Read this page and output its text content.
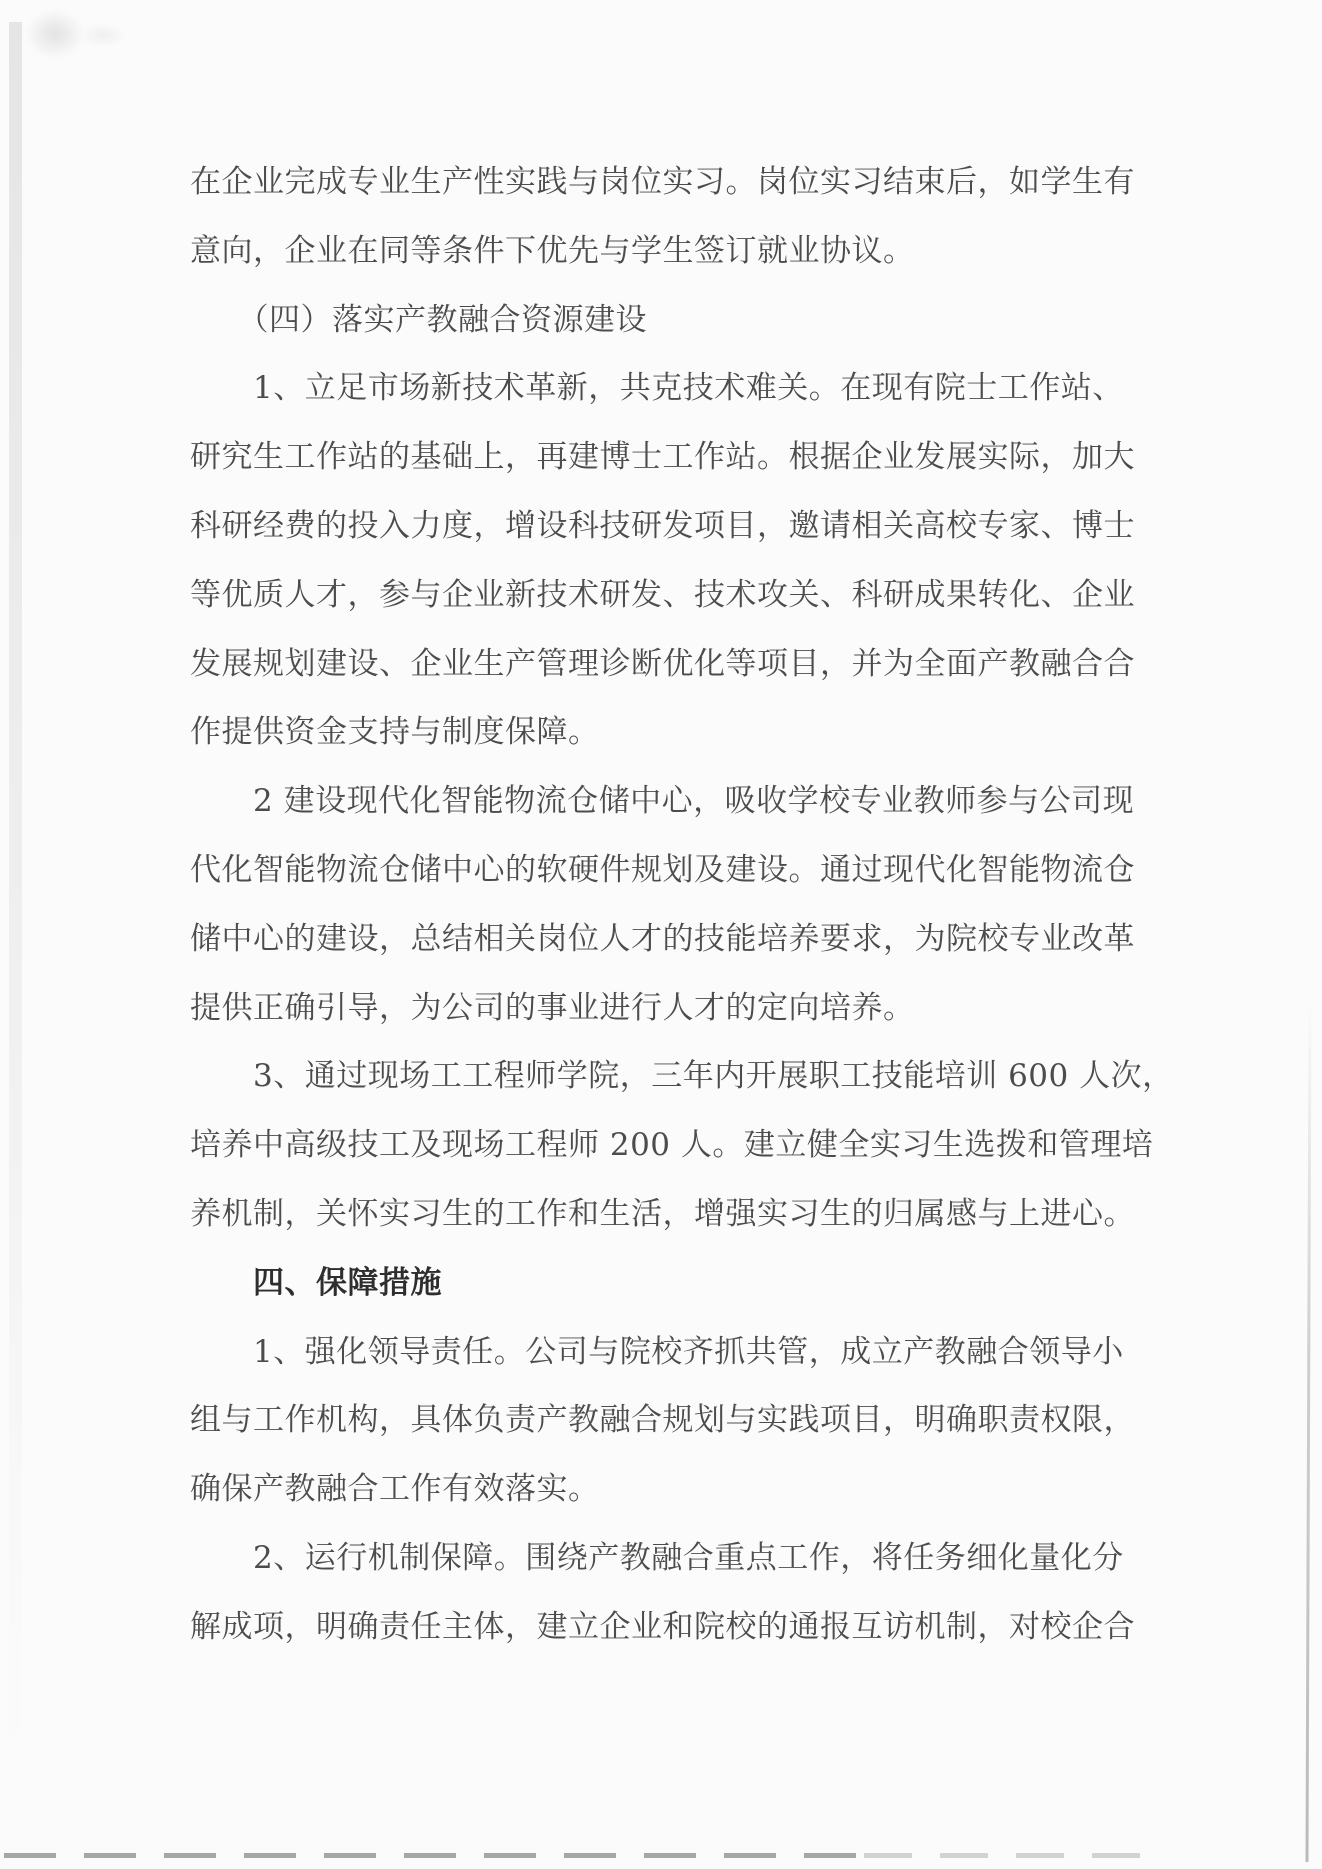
在企业完成专业生产性实践与岗位实习。岗位实习结束后，如学生有
意向，企业在同等条件下优先与学生签订就业协议。
　　（四）落实产教融合资源建设
　　1、立足市场新技术革新，共克技术难关。在现有院士工作站、
研究生工作站的基础上，再建博士工作站。根据企业发展实际，加大
科研经费的投入力度，增设科技研发项目，邀请相关高校专家、博士
等优质人才，参与企业新技术研发、技术攻关、科研成果转化、企业
发展规划建设、企业生产管理诊断优化等项目，并为全面产教融合合
作提供资金支持与制度保障。
　　2 建设现代化智能物流仓储中心，吸收学校专业教师参与公司现
代化智能物流仓储中心的软硬件规划及建设。通过现代化智能物流仓
储中心的建设，总结相关岗位人才的技能培养要求，为院校专业改革
提供正确引导，为公司的事业进行人才的定向培养。
　　3、通过现场工工程师学院，三年内开展职工技能培训 600 人次，
培养中高级技工及现场工程师 200 人。建立健全实习生选拨和管理培
养机制，关怀实习生的工作和生活，增强实习生的归属感与上进心。
　　四、保障措施
　　1、强化领导责任。公司与院校齐抓共管，成立产教融合领导小
组与工作机构，具体负责产教融合规划与实践项目，明确职责权限，
确保产教融合工作有效落实。
　　2、运行机制保障。围绕产教融合重点工作，将任务细化量化分
解成项，明确责任主体，建立企业和院校的通报互访机制，对校企合
